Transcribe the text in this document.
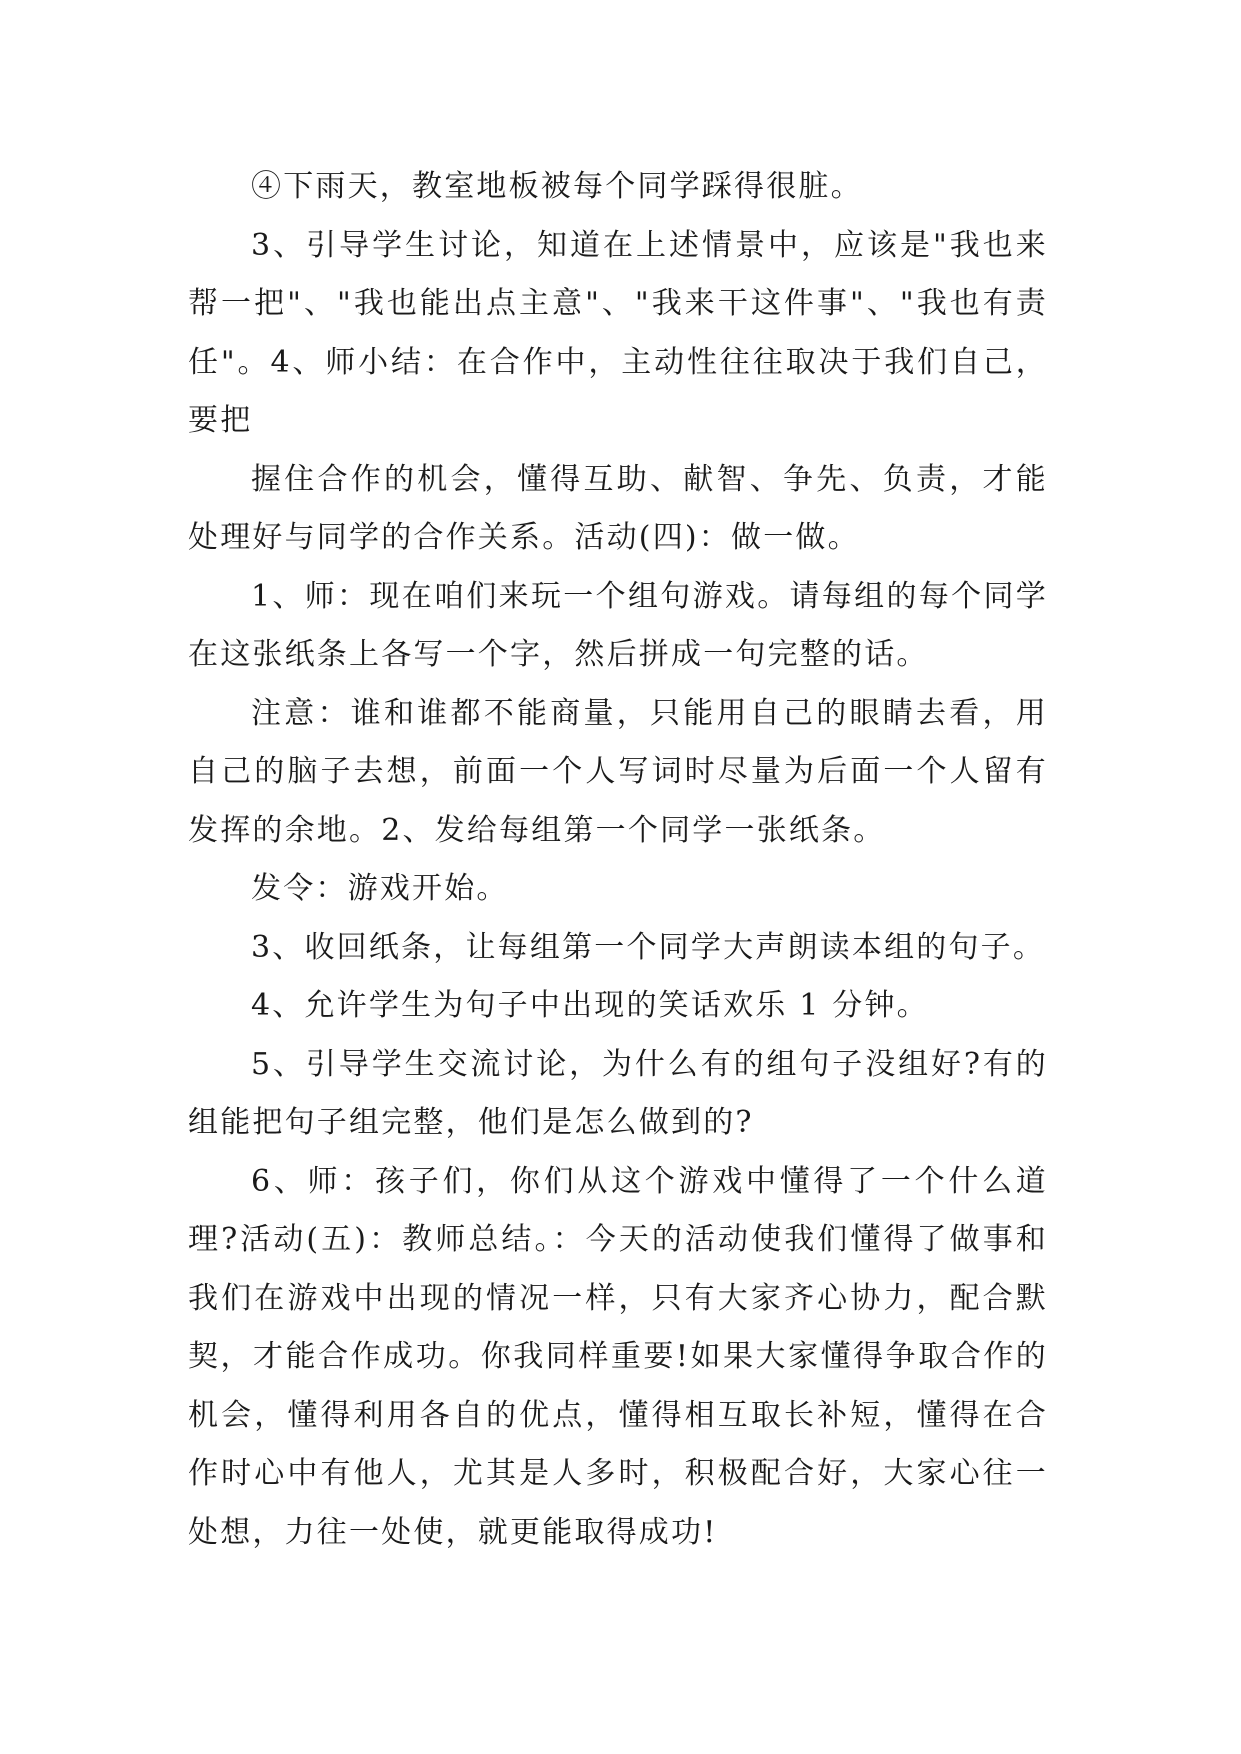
④下雨天，教室地板被每个同学踩得很脏。

3、引导学生讨论，知道在上述情景中，应该是"我也来帮一把"、"我也能出点主意"、"我来干这件事"、"我也有责任"。4、师小结：在合作中，主动性往往取决于我们自己，要把

握住合作的机会，懂得互助、献智、争先、负责，才能处理好与同学的合作关系。活动(四)：做一做。

1、师：现在咱们来玩一个组句游戏。请每组的每个同学在这张纸条上各写一个字，然后拼成一句完整的话。

注意：谁和谁都不能商量，只能用自己的眼睛去看，用自己的脑子去想，前面一个人写词时尽量为后面一个人留有发挥的余地。2、发给每组第一个同学一张纸条。

发令：游戏开始。

3、收回纸条，让每组第一个同学大声朗读本组的句子。

4、允许学生为句子中出现的笑话欢乐 1 分钟。

5、引导学生交流讨论，为什么有的组句子没组好?有的组能把句子组完整，他们是怎么做到的?

6、师：孩子们，你们从这个游戏中懂得了一个什么道理?活动(五)：教师总结。：今天的活动使我们懂得了做事和我们在游戏中出现的情况一样，只有大家齐心协力，配合默契，才能合作成功。你我同样重要!如果大家懂得争取合作的机会，懂得利用各自的优点，懂得相互取长补短，懂得在合作时心中有他人，尤其是人多时，积极配合好，大家心往一处想，力往一处使，就更能取得成功!
